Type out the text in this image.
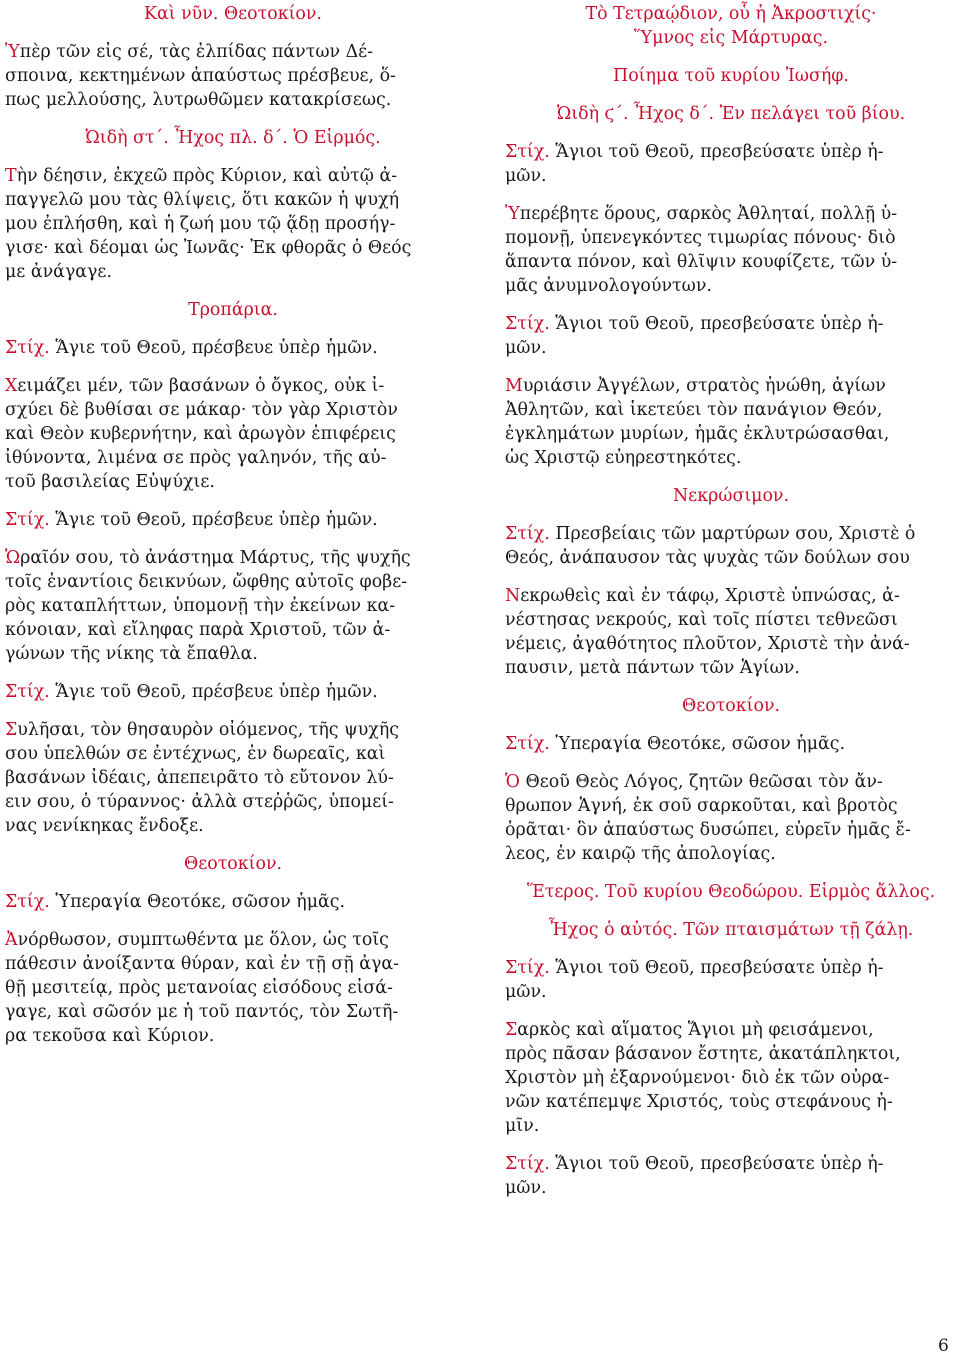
Καὶ νῦν. Θεοτοκίον.
Ὑπὲρ τῶν εἰς σέ, τὰς ἐλπίδας πάντων Δέ-
σποινα, κεκτημένων ἀπαύστως πρέσβευε, ὅ-
πως μελλούσης, λυτρωθῶμεν κατακρίσεως.
Ὠιδὴ στ΄. Ἦχος πλ. δ΄. Ὁ Εἱρμός.
Τὴν δέησιν, ἐκχεῶ πρὸς Κύριον, καὶ αὐτῷ ἀ-
παγγελῶ μου τὰς θλίψεις, ὅτι κακῶν ἡ ψυχή
μου ἐπλήσθη, καὶ ἡ ζωή μου τῷ ᾅδῃ προσήγ-
γισε· καὶ δέομαι ὡς Ἰωνᾶς· Ἐκ φθορᾶς ὁ Θεός
με ἀνάγαγε.
Τροπάρια.
Στίχ. Ἅγιε τοῦ Θεοῦ, πρέσβευε ὑπὲρ ἡμῶν.
Χειμάζει μέν, τῶν βασάνων ὁ ὄγκος, οὐκ ἰ-
σχύει δὲ βυθίσαι σε μάκαρ· τὸν γὰρ Χριστὸν
καὶ Θεὸν κυβερνήτην, καὶ ἀρωγὸν ἐπιφέρεις
ἰθύνοντα, λιμένα σε πρὸς γαληνόν, τῆς αὐ-
τοῦ βασιλείας Εὐψύχιε.
Στίχ. Ἅγιε τοῦ Θεοῦ, πρέσβευε ὑπὲρ ἡμῶν.
Ὡραῖόν σου, τὸ ἀνάστημα Μάρτυς, τῆς ψυχῆς
τοῖς ἐναντίοις δεικνύων, ὤφθης αὐτοῖς φοβε-
ρὸς καταπλήττων, ὑπομονῇ τὴν ἐκείνων κα-
κόνοιαν, καὶ εἴληφας παρὰ Χριστοῦ, τῶν ἀ-
γώνων τῆς νίκης τὰ ἔπαθλα.
Στίχ. Ἅγιε τοῦ Θεοῦ, πρέσβευε ὑπὲρ ἡμῶν.
Συλῆσαι, τὸν θησαυρὸν οἰόμενος, τῆς ψυχῆς
σου ὑπελθών σε ἐντέχνως, ἐν δωρεαῖς, καὶ
βασάνων ἰδέαις, ἀπεπειρᾶτο τὸ εὔτονον λύ-
ειν σου, ὁ τύραννος· ἀλλὰ στεῤῥῶς, ὑπομεί-
νας νενίκηκας ἔνδοξε.
Θεοτοκίον.
Στίχ. Ὑπεραγία Θεοτόκε, σῶσον ἡμᾶς.
Ἀνόρθωσον, συμπτωθέντα με ὅλον, ὡς τοῖς
πάθεσιν ἀνοίξαντα θύραν, καὶ ἐν τῇ σῇ ἀγα-
θῇ μεσιτείᾳ, πρὸς μετανοίας εἰσόδους εἰσά-
γαγε, καὶ σῶσόν με ἡ τοῦ παντός, τὸν Σωτῆ-
ρα τεκοῦσα καὶ Κύριον.
Τὸ Τετραῴδιον, οὗ ἡ Ἀκροστιχίς·
Ὕμνος εἰς Μάρτυρας.
Ποίημα τοῦ κυρίου Ἰωσήφ.
Ὠιδὴ ϛ΄. Ἦχος δ΄. Ἐν πελάγει τοῦ βίου.
Στίχ. Ἅγιοι τοῦ Θεοῦ, πρεσβεύσατε ὑπὲρ ἡ-
μῶν.
Ὑπερέβητε ὅρους, σαρκὸς Ἀθληταί, πολλῇ ὑ-
πομονῇ, ὑπενεγκόντες τιμωρίας πόνους· διὸ
ἅπαντα πόνον, καὶ θλῖψιν κουφίζετε, τῶν ὑ-
μᾶς ἀνυμνολογούντων.
Στίχ. Ἅγιοι τοῦ Θεοῦ, πρεσβεύσατε ὑπὲρ ἡ-
μῶν.
Μυριάσιν Ἀγγέλων, στρατὸς ἡνώθη, ἁγίων
Ἀθλητῶν, καὶ ἱκετεύει τὸν πανάγιον Θεόν,
ἐγκλημάτων μυρίων, ἡμᾶς ἐκλυτρώσασθαι,
ὡς Χριστῷ εὐηρεστηκότες.
Νεκρώσιμον.
Στίχ. Πρεσβείαις τῶν μαρτύρων σου, Χριστὲ ὁ
Θεός, ἀνάπαυσον τὰς ψυχὰς τῶν δούλων σου
Νεκρωθεὶς καὶ ἐν τάφῳ, Χριστὲ ὑπνώσας, ἀ-
νέστησας νεκρούς, καὶ τοῖς πίστει τεθνεῶσι
νέμεις, ἀγαθότητος πλοῦτον, Χριστὲ τὴν ἀνά-
παυσιν, μετὰ πάντων τῶν Ἁγίων.
Θεοτοκίον.
Στίχ. Ὑπεραγία Θεοτόκε, σῶσον ἡμᾶς.
Ὁ Θεοῦ Θεὸς Λόγος, ζητῶν θεῶσαι τὸν ἄν-
θρωπον Ἁγνή, ἐκ σοῦ σαρκοῦται, καὶ βροτὸς
ὁρᾶται· ὃν ἀπαύστως δυσώπει, εὑρεῖν ἡμᾶς ἔ-
λεος, ἐν καιρῷ τῆς ἀπολογίας.
Ἕτερος. Τοῦ κυρίου Θεοδώρου. Εἱρμὸς ἄλλος.
Ἦχος ὁ αὐτός. Τῶν πταισμάτων τῇ ζάλῃ.
Στίχ. Ἅγιοι τοῦ Θεοῦ, πρεσβεύσατε ὑπὲρ ἡ-
μῶν.
Σαρκὸς καὶ αἵματος Ἅγιοι μὴ φεισάμενοι,
πρὸς πᾶσαν βάσανον ἔστητε, ἀκατάπληκτοι,
Χριστὸν μὴ ἐξαρνούμενοι· διὸ ἐκ τῶν οὐρα-
νῶν κατέπεμψε Χριστός, τοὺς στεφάνους ἡ-
μῖν.
Στίχ. Ἅγιοι τοῦ Θεοῦ, πρεσβεύσατε ὑπὲρ ἡ-
μῶν.
6
